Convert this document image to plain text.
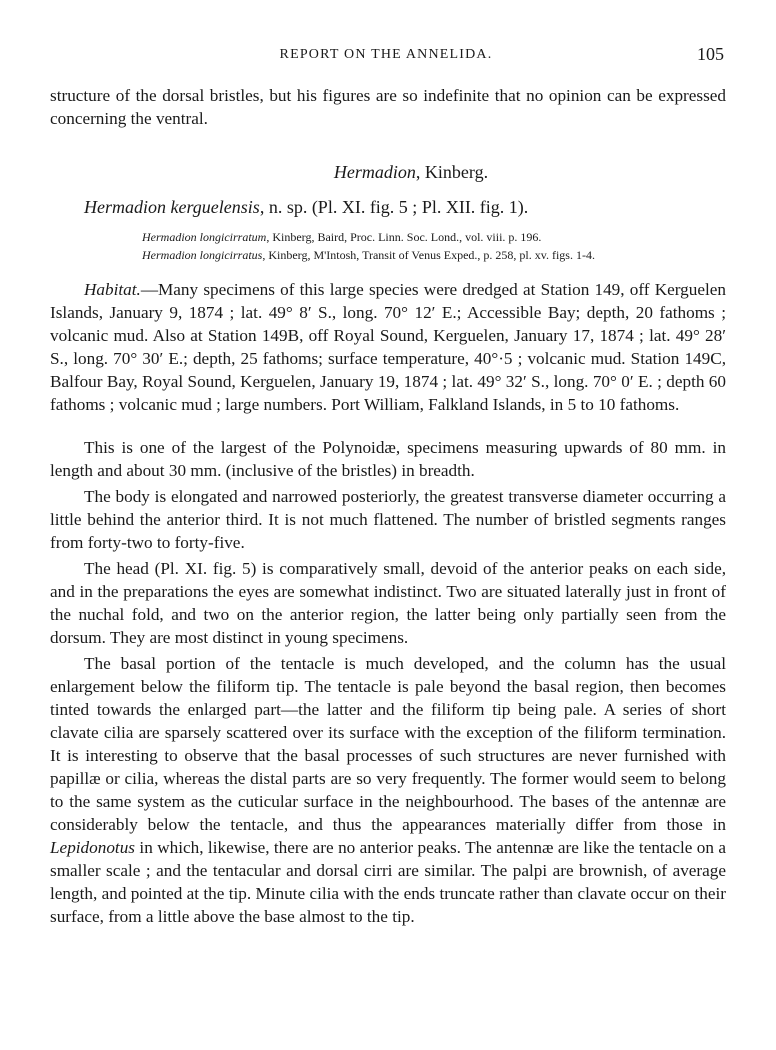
REPORT ON THE ANNELIDA.	105

structure of the dorsal bristles, but his figures are so indefinite that no opinion can be expressed concerning the ventral.

Hermadion, Kinberg.

Hermadion kerguelensis, n. sp. (Pl. XI. fig. 5 ; Pl. XII. fig. 1).

Hermadion longicirratum, Kinberg, Baird, Proc. Linn. Soc. Lond., vol. viii. p. 196.

Hermadion longicirratus, Kinberg, M'Intosh, Transit of Venus Exped., p. 258, pl. xv. figs. 1-4.

Habitat.—Many specimens of this large species were dredged at Station 149, off Kerguelen Islands, January 9, 1874 ; lat. 49° 8′ S., long. 70° 12′ E.; Accessible Bay; depth, 20 fathoms ; volcanic mud. Also at Station 149B, off Royal Sound, Kerguelen, January 17, 1874 ; lat. 49° 28′ S., long. 70° 30′ E.; depth, 25 fathoms; surface temperature, 40°·5 ; volcanic mud. Station 149C, Balfour Bay, Royal Sound, Kerguelen, January 19, 1874 ; lat. 49° 32′ S., long. 70° 0′ E. ; depth 60 fathoms ; volcanic mud ; large numbers. Port William, Falkland Islands, in 5 to 10 fathoms.

This is one of the largest of the Polynoidæ, specimens measuring upwards of 80 mm. in length and about 30 mm. (inclusive of the bristles) in breadth.

The body is elongated and narrowed posteriorly, the greatest transverse diameter occurring a little behind the anterior third. It is not much flattened. The number of bristled segments ranges from forty-two to forty-five.

The head (Pl. XI. fig. 5) is comparatively small, devoid of the anterior peaks on each side, and in the preparations the eyes are somewhat indistinct. Two are situated laterally just in front of the nuchal fold, and two on the anterior region, the latter being only partially seen from the dorsum. They are most distinct in young specimens.

The basal portion of the tentacle is much developed, and the column has the usual enlargement below the filiform tip. The tentacle is pale beyond the basal region, then becomes tinted towards the enlarged part—the latter and the filiform tip being pale. A series of short clavate cilia are sparsely scattered over its surface with the exception of the filiform termination. It is interesting to observe that the basal processes of such structures are never furnished with papillæ or cilia, whereas the distal parts are so very frequently. The former would seem to belong to the same system as the cuticular surface in the neighbourhood. The bases of the antennæ are considerably below the tentacle, and thus the appearances materially differ from those in Lepidonotus in which, likewise, there are no anterior peaks. The antennæ are like the tentacle on a smaller scale ; and the tentacular and dorsal cirri are similar. The palpi are brownish, of average length, and pointed at the tip. Minute cilia with the ends truncate rather than clavate occur on their surface, from a little above the base almost to the tip.
